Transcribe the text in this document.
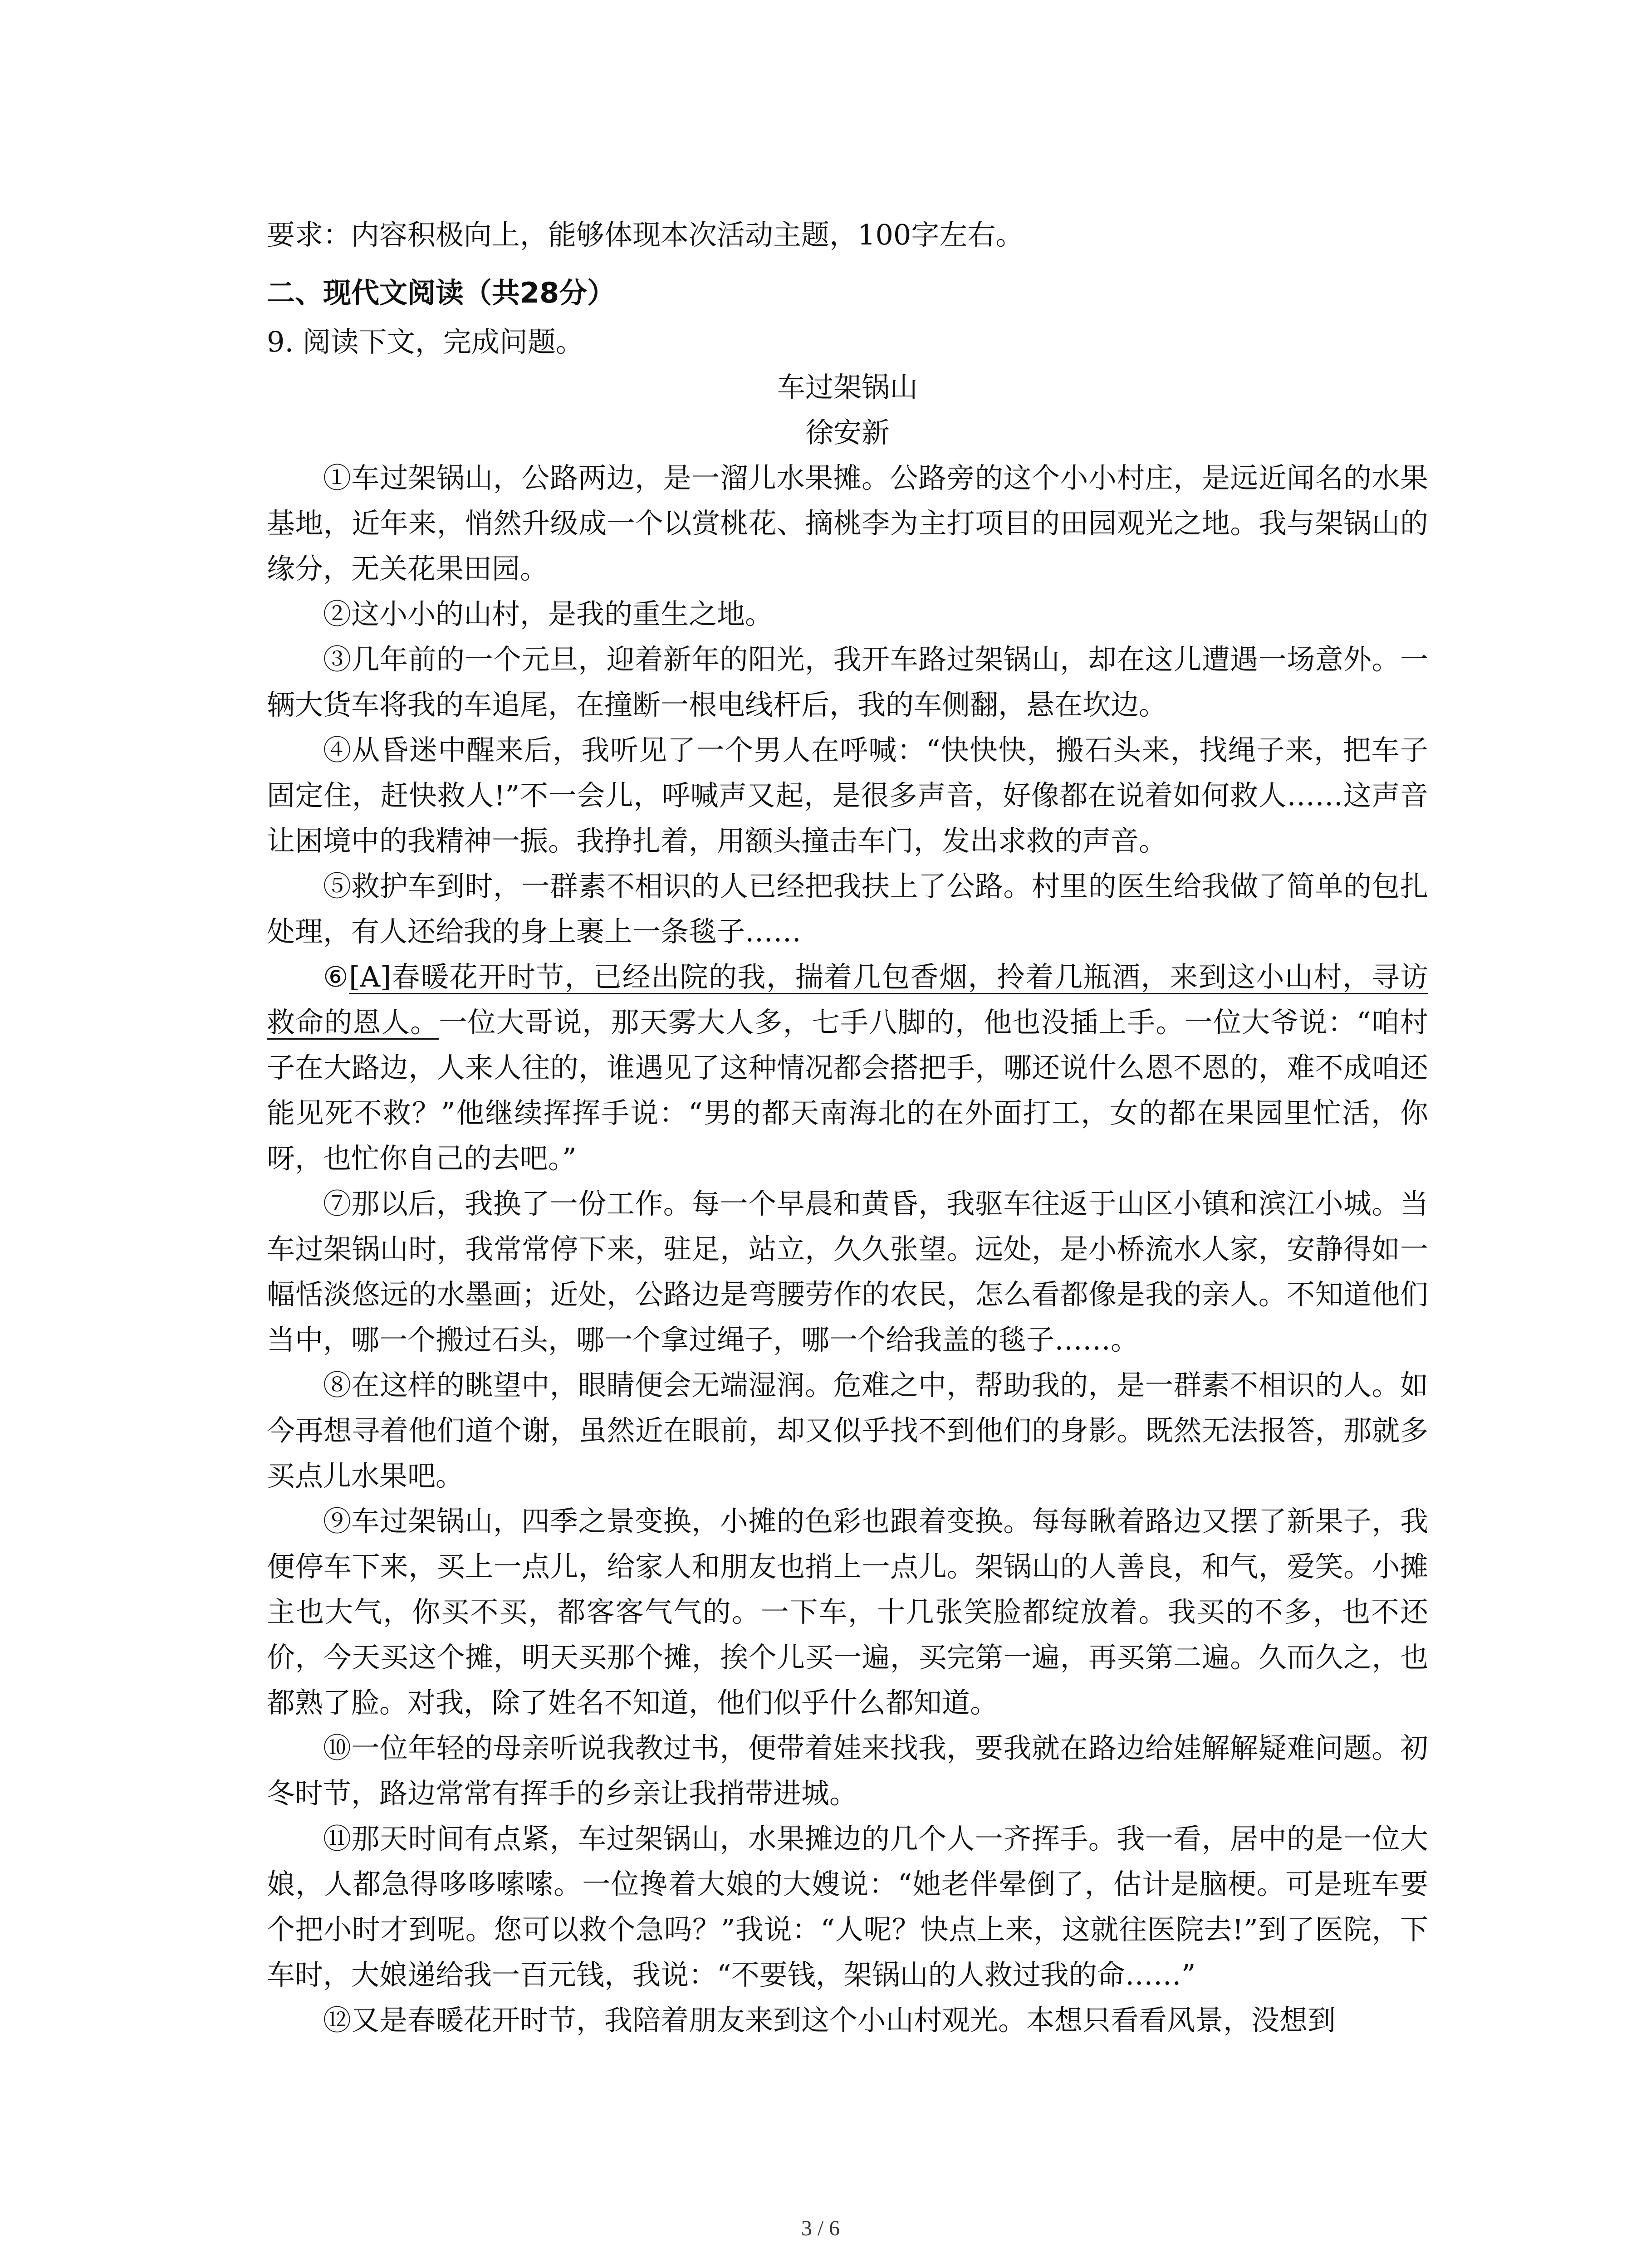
要求：内容积极向上，能够体现本次活动主题，100字左右。

二、现代文阅读（共28分）

9. 阅读下文，完成问题。

车过架锅山

徐安新

①车过架锅山，公路两边，是一溜儿水果摊。公路旁的这个小小村庄，是远近闻名的水果基地，近年来，悄然升级成一个以赏桃花、摘桃李为主打项目的田园观光之地。我与架锅山的缘分，无关花果田园。

②这小小的山村，是我的重生之地。

③几年前的一个元旦，迎着新年的阳光，我开车路过架锅山，却在这儿遭遇一场意外。一辆大货车将我的车追尾，在撞断一根电线杆后，我的车侧翻，悬在坎边。

④从昏迷中醒来后，我听见了一个男人在呼喊：“快快快，搬石头来，找绳子来，把车子固定住，赶快救人!”不一会儿，呼喊声又起，是很多声音，好像都在说着如何救人……这声音让困境中的我精神一振。我挣扎着，用额头撞击车门，发出求救的声音。

⑤救护车到时，一群素不相识的人已经把我扶上了公路。村里的医生给我做了简单的包扎处理，有人还给我的身上裹上一条毯子……

⑥[A]春暖花开时节，已经出院的我，揣着几包香烟，拎着几瓶酒，来到这小山村，寻访救命的恩人。一位大哥说，那天雾大人多，七手八脚的，他也没插上手。一位大爷说：“咱村子在大路边，人来人往的，谁遇见了这种情况都会搭把手，哪还说什么恩不恩的，难不成咱还能见死不救？”他继续挥挥手说：“男的都天南海北的在外面打工，女的都在果园里忙活，你呀，也忙你自己的去吧。”

⑦那以后，我换了一份工作。每一个早晨和黄昏，我驱车往返于山区小镇和滨江小城。当车过架锅山时，我常常停下来，驻足，站立，久久张望。远处，是小桥流水人家，安静得如一幅恬淡悠远的水墨画；近处，公路边是弯腰劳作的农民，怎么看都像是我的亲人。不知道他们当中，哪一个搬过石头，哪一个拿过绳子，哪一个给我盖的毯子……。

⑧在这样的眺望中，眼睛便会无端湿润。危难之中，帮助我的，是一群素不相识的人。如今再想寻着他们道个谢，虽然近在眼前，却又似乎找不到他们的身影。既然无法报答，那就多买点儿水果吧。

⑨车过架锅山，四季之景变换，小摊的色彩也跟着变换。每每瞅着路边又摆了新果子，我便停车下来，买上一点儿，给家人和朋友也捎上一点儿。架锅山的人善良，和气，爱笑。小摊主也大气，你买不买，都客客气气的。一下车，十几张笑脸都绽放着。我买的不多，也不还价，今天买这个摊，明天买那个摊，挨个儿买一遍，买完第一遍，再买第二遍。久而久之，也都熟了脸。对我，除了姓名不知道，他们似乎什么都知道。

⑩一位年轻的母亲听说我教过书，便带着娃来找我，要我就在路边给娃解解疑难问题。初冬时节，路边常常有挥手的乡亲让我捎带进城。

⑪那天时间有点紧，车过架锅山，水果摊边的几个人一齐挥手。我一看，居中的是一位大娘，人都急得哆哆嗦嗦。一位搀着大娘的大嫂说：“她老伴晕倒了，估计是脑梗。可是班车要个把小时才到呢。您可以救个急吗？”我说：“人呢？快点上来，这就往医院去!”到了医院，下车时，大娘递给我一百元钱，我说：“不要钱，架锅山的人救过我的命……”

⑫又是春暖花开时节，我陪着朋友来到这个小山村观光。本想只看看风景，没想到

3 / 6
